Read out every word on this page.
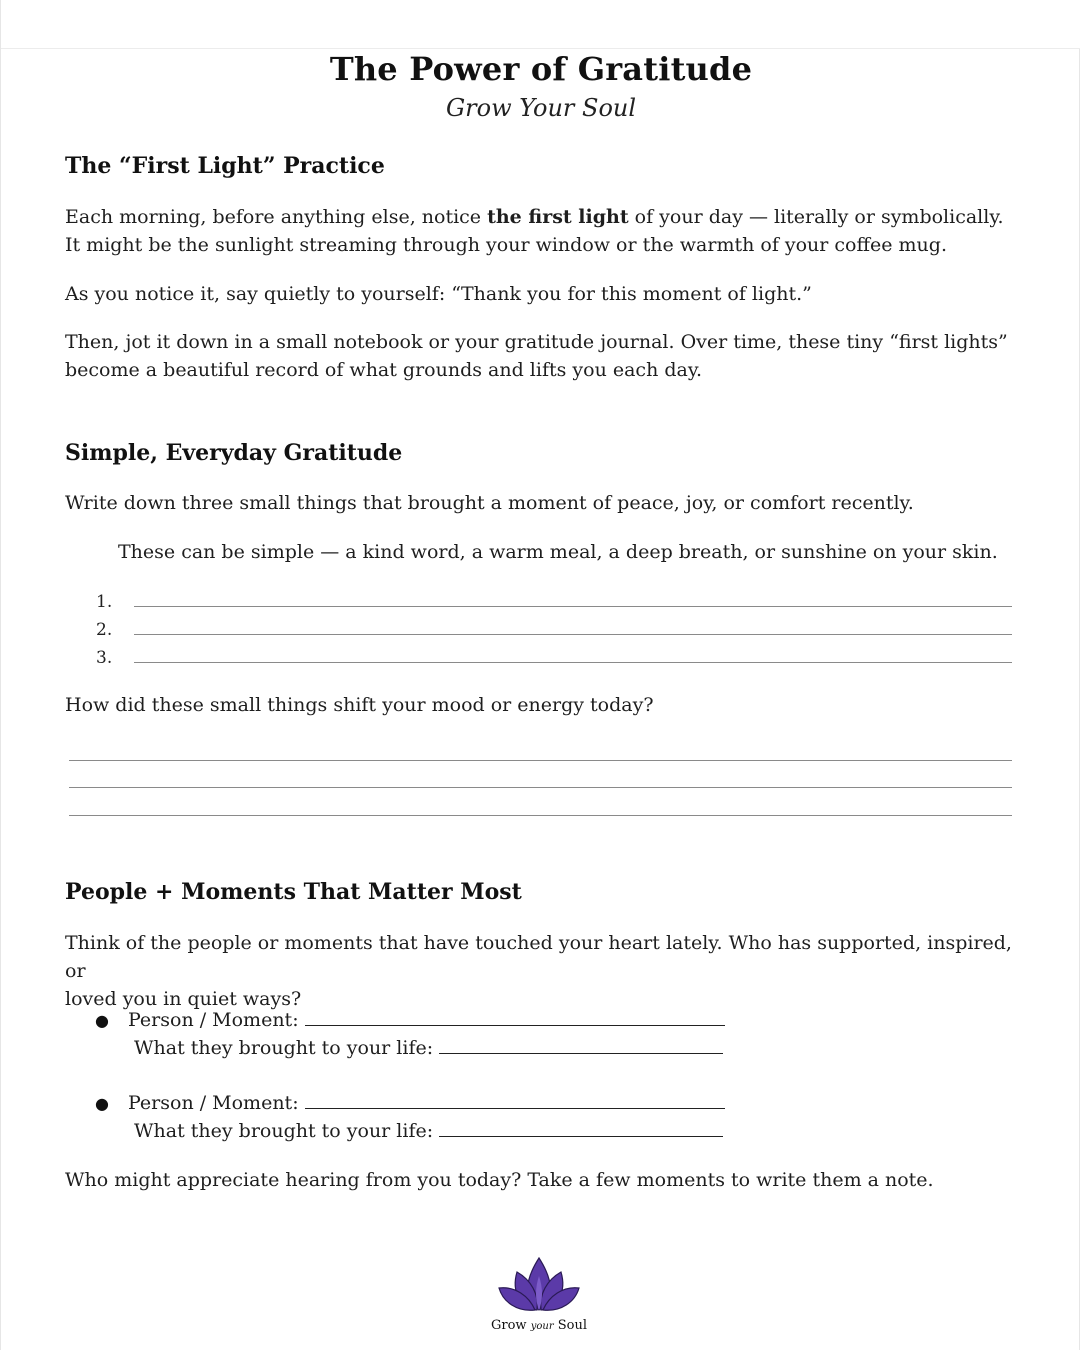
The Power of Gratitude
Grow Your Soul
The “First Light” Practice
Each morning, before anything else, notice the first light of your day — literally or symbolically.
It might be the sunlight streaming through your window or the warmth of your coffee mug.
As you notice it, say quietly to yourself: “Thank you for this moment of light.”
Then, jot it down in a small notebook or your gratitude journal. Over time, these tiny “first lights”
become a beautiful record of what grounds and lifts you each day.
Simple, Everyday Gratitude
Write down three small things that brought a moment of peace, joy, or comfort recently.
These can be simple — a kind word, a warm meal, a deep breath, or sunshine on your skin.
1.
2.
3.
How did these small things shift your mood or energy today?
People + Moments That Matter Most
Think of the people or moments that have touched your heart lately. Who has supported, inspired, or
loved you in quiet ways?
● Person / Moment:
What they brought to your life:
● Person / Moment:
What they brought to your life:
Who might appreciate hearing from you today? Take a few moments to write them a note.
Grow your Soul
